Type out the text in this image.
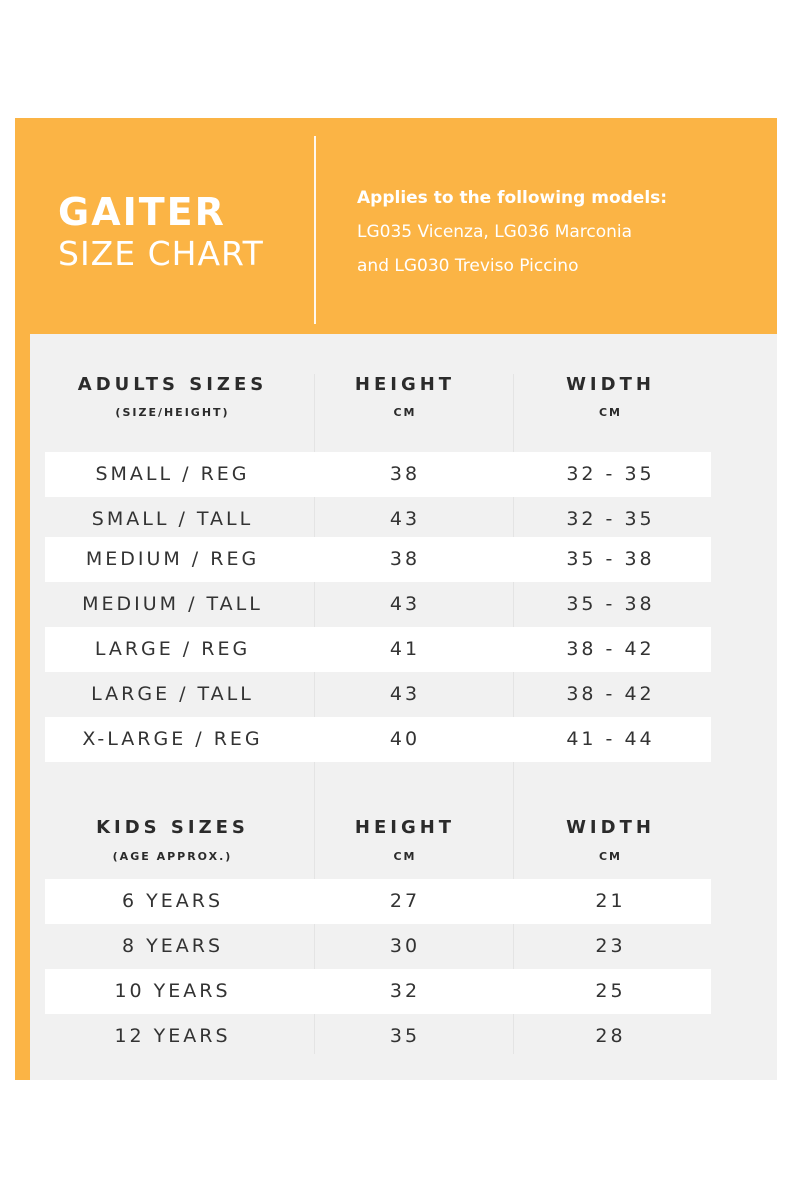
GAITER
SIZE CHART
Applies to the following models:
LG035 Vicenza, LG036 Marconia
and LG030 Treviso Piccino
ADULTS SIZES
(SIZE/HEIGHT)
HEIGHT
CM
WIDTH
CM
SMALL / REG	38	32 - 35
SMALL / TALL	43	32 - 35
MEDIUM / REG	38	35 - 38
MEDIUM / TALL	43	35 - 38
LARGE / REG	41	38 - 42
LARGE / TALL	43	38 - 42
X-LARGE / REG	40	41 - 44
KIDS SIZES
(AGE APPROX.)
HEIGHT
CM
WIDTH
CM
6 YEARS	27	21
8 YEARS	30	23
10 YEARS	32	25
12 YEARS	35	28
